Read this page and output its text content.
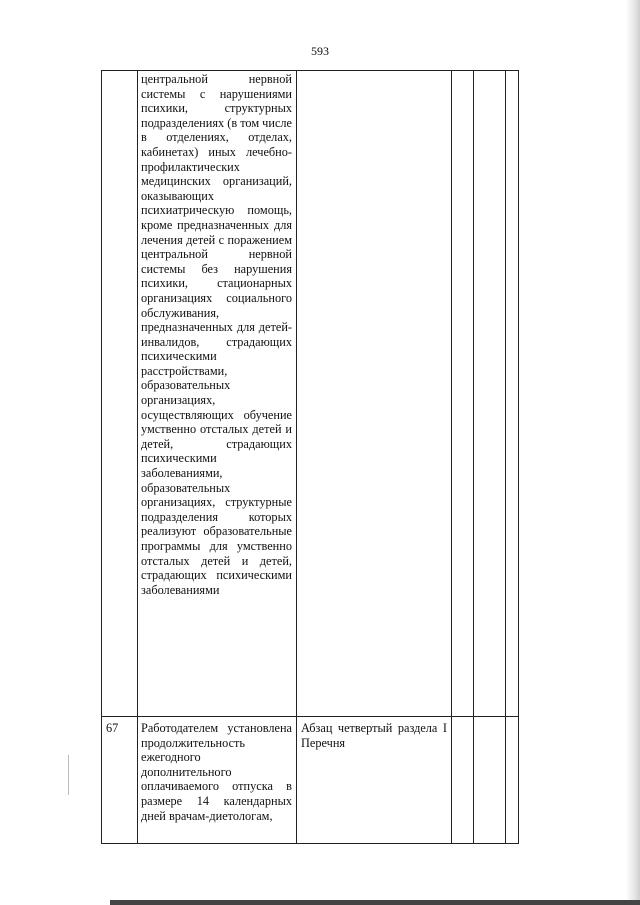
593
центральной нервной системы с нарушениями психики, структурных подразделениях (в том числе в отделениях, отделах, кабинетах) иных лечебно- профилактических медицинских организаций, оказывающих психиатрическую помощь, кроме предназначенных для лечения детей с поражением центральной нервной системы без нарушения психики, стационарных организациях социального обслуживания, предназначенных для детей-инвалидов, страдающих психическими расстройствами, образовательных организациях, осуществляющих обучение умственно отсталых детей и детей, страдающих психическими заболеваниями, образовательных организациях, структурные подразделения которых реализуют образовательные программы для умственно отсталых детей и детей, страдающих психическими заболеваниями
67	Работодателем установлена продолжительность ежегодного дополнительного оплачиваемого отпуска в размере 14 календарных дней врачам-диетологам,
Абзац четвертый раздела I Перечня
